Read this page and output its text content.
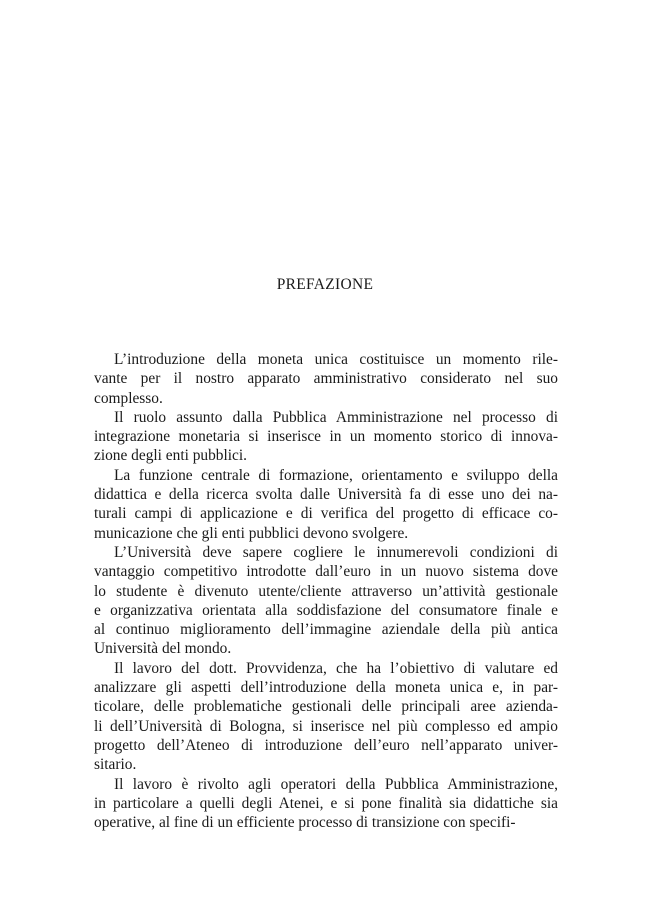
PREFAZIONE
L’introduzione della moneta unica costituisce un momento rile-
vante per il nostro apparato amministrativo considerato nel suo
complesso.
Il ruolo assunto dalla Pubblica Amministrazione nel processo di
integrazione monetaria si inserisce in un momento storico di innova-
zione degli enti pubblici.
La funzione centrale di formazione, orientamento e sviluppo della
didattica e della ricerca svolta dalle Università fa di esse uno dei na-
turali campi di applicazione e di verifica del progetto di efficace co-
municazione che gli enti pubblici devono svolgere.
L’Università deve sapere cogliere le innumerevoli condizioni di
vantaggio competitivo introdotte dall’euro in un nuovo sistema dove
lo studente è divenuto utente/cliente attraverso un’attività gestionale
e organizzativa orientata alla soddisfazione del consumatore finale e
al continuo miglioramento dell’immagine aziendale della più antica
Università del mondo.
Il lavoro del dott. Provvidenza, che ha l’obiettivo di valutare ed
analizzare gli aspetti dell’introduzione della moneta unica e, in par-
ticolare, delle problematiche gestionali delle principali aree azienda-
li dell’Università di Bologna, si inserisce nel più complesso ed ampio
progetto dell’Ateneo di introduzione dell’euro nell’apparato univer-
sitario.
Il lavoro è rivolto agli operatori della Pubblica Amministrazione,
in particolare a quelli degli Atenei, e si pone finalità sia didattiche sia
operative, al fine di un efficiente processo di transizione con specifi-
